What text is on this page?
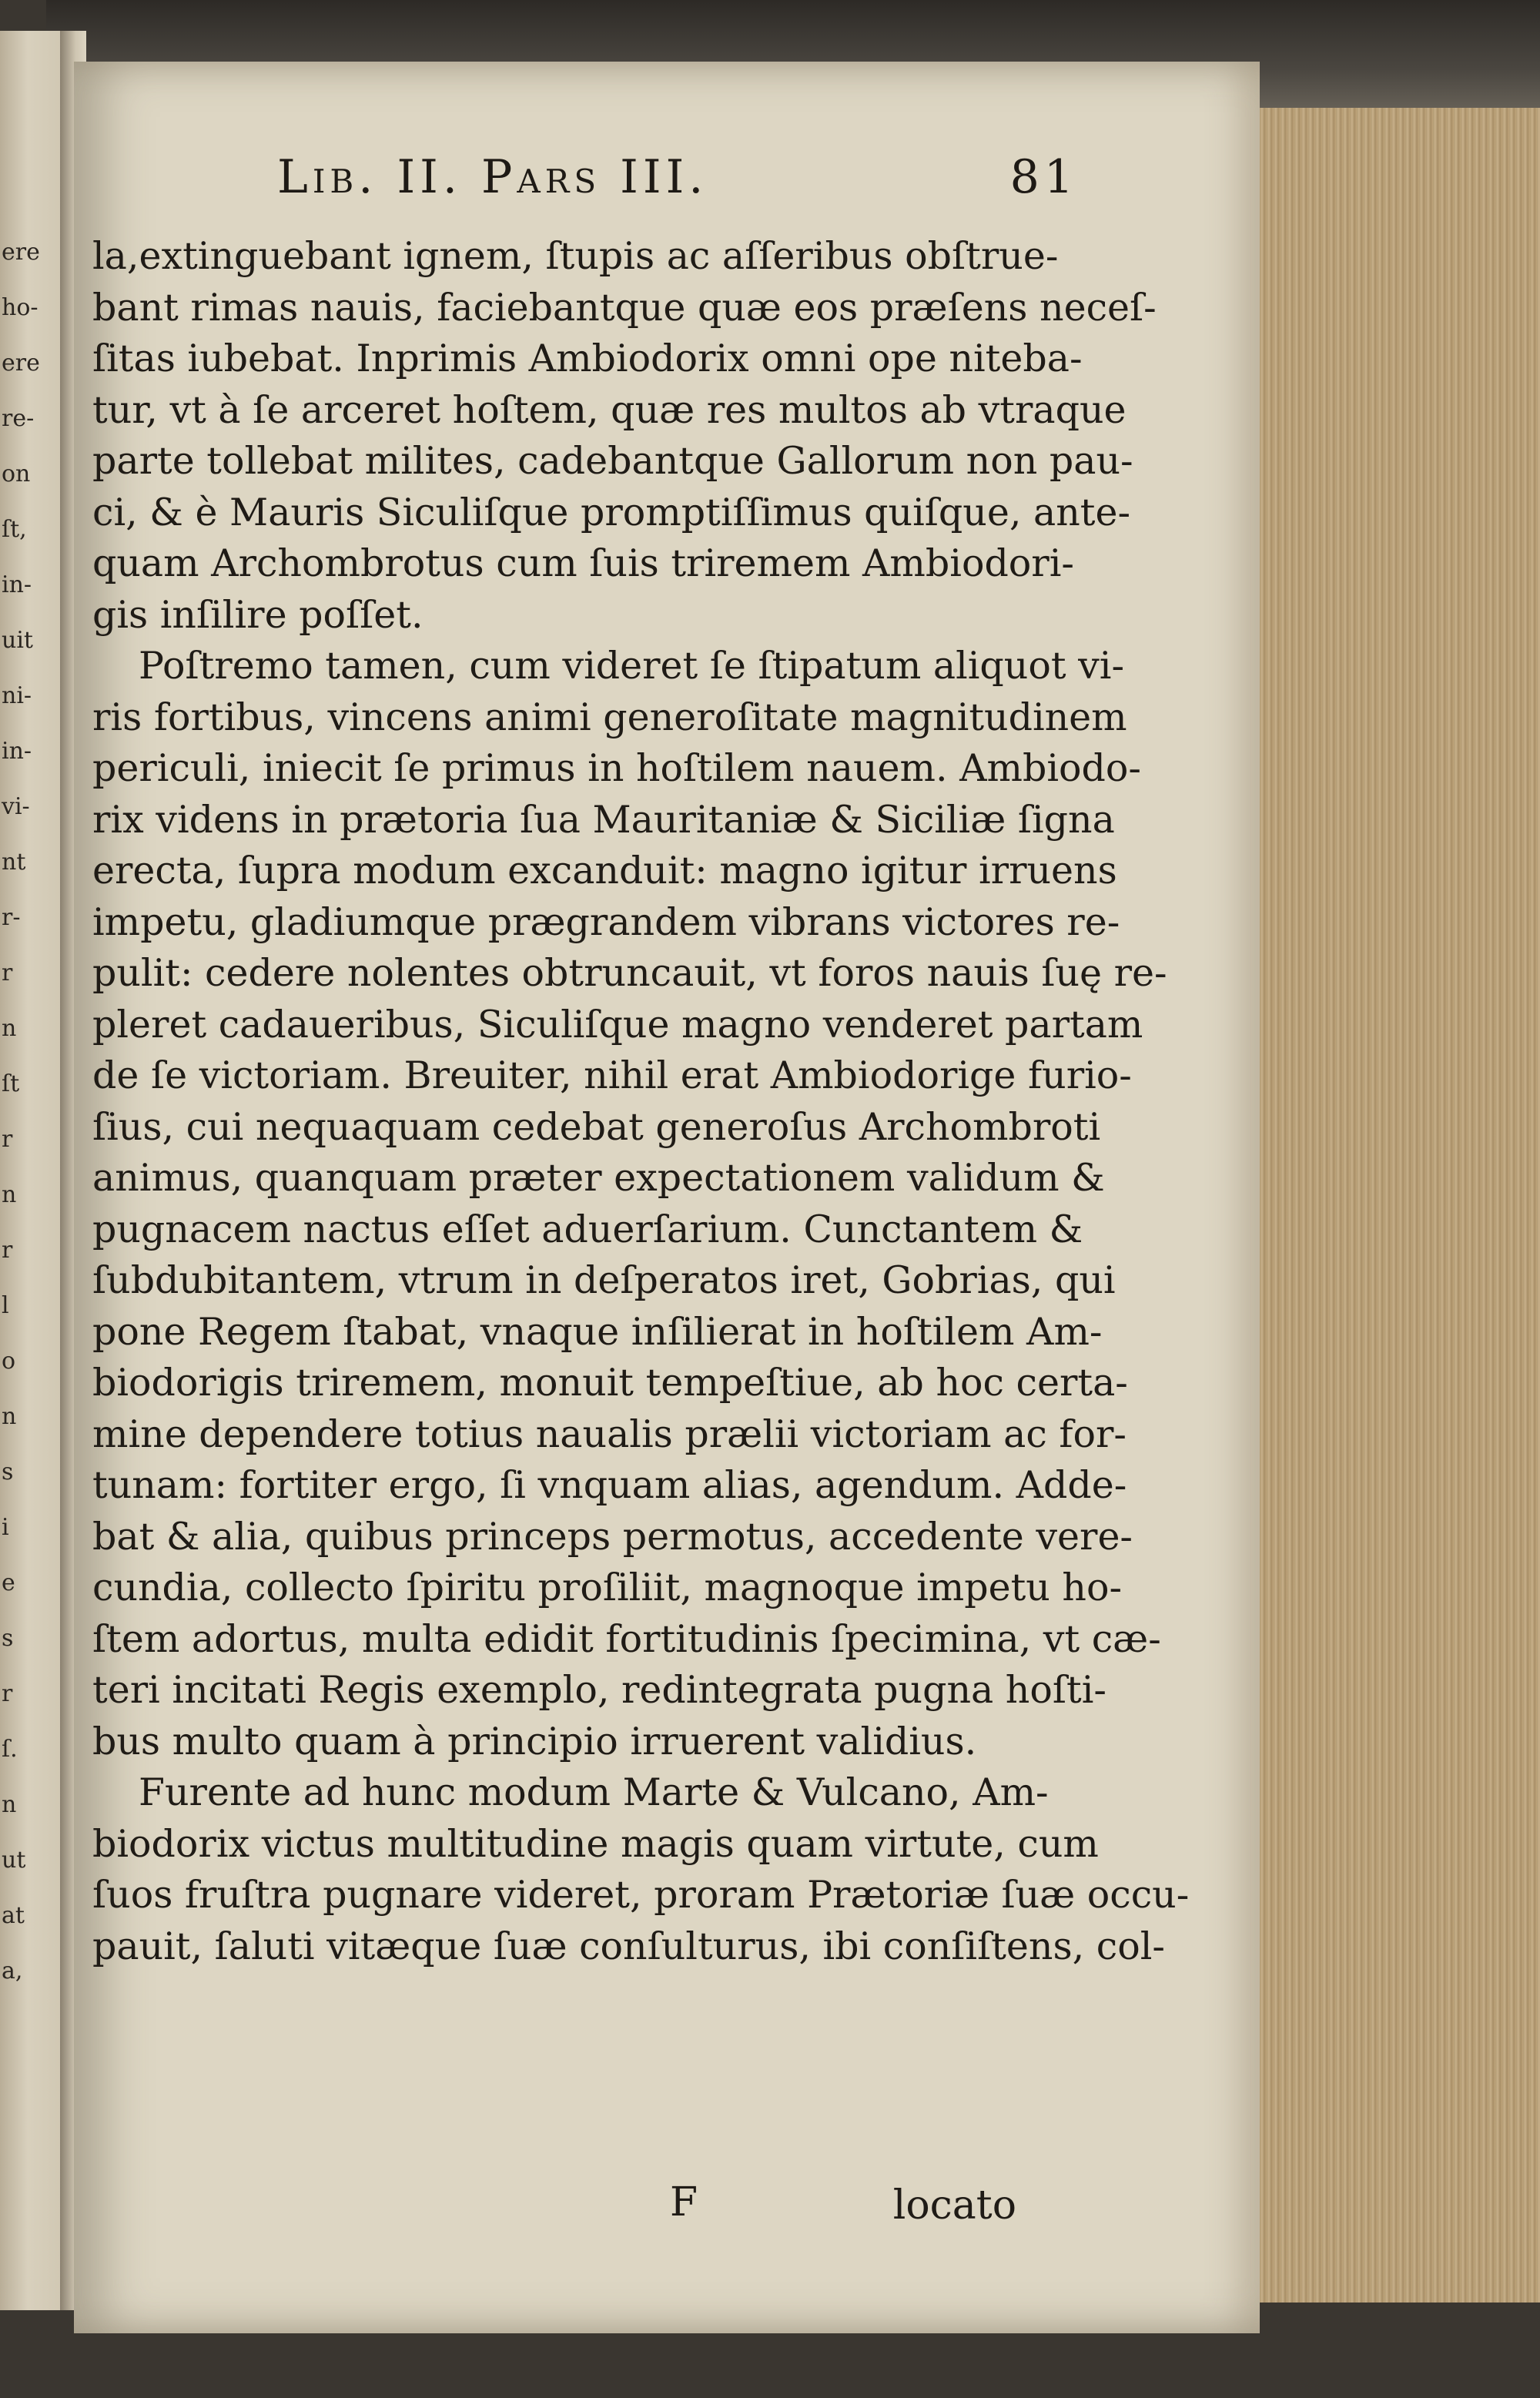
ere
ho-
ere
re-
on
ſt,
in-
uit
ni-
in-
vi-
nt
r-
r
n
ſt
r
n
r
l
o
n
s
i
e
s
r
ſ.
n
ut
at
a,
Lib. II. Pars III.	81
la,extinguebant ignem, ſtupis ac aſſeribus obſtrue-
bant rimas nauis, faciebantque quæ eos præſens neceſ-
ſitas iubebat. Inprimis Ambiodorix omni ope niteba-
tur, vt à ſe arceret hoſtem, quæ res multos ab vtraque
parte tollebat milites, cadebantque Gallorum non pau-
ci, & è Mauris Siculiſque promptiſſimus quiſque, ante-
quam Archombrotus cum ſuis triremem Ambiodori-
gis inſilire poſſet.
Poſtremo tamen, cum videret ſe ſtipatum aliquot vi-
ris fortibus, vincens animi generoſitate magnitudinem
periculi, iniecit ſe primus in hoſtilem nauem. Ambiodo-
rix videns in prætoria ſua Mauritaniæ & Siciliæ ſigna
erecta, ſupra modum excanduit: magno igitur irruens
impetu, gladiumque prægrandem vibrans victores re-
pulit: cedere nolentes obtruncauit, vt foros nauis ſuę re-
pleret cadaueribus, Siculiſque magno venderet partam
de ſe victoriam. Breuiter, nihil erat Ambiodorige furio-
ſius, cui nequaquam cedebat generoſus Archombroti
animus, quanquam præter expectationem validum &
pugnacem nactus eſſet aduerſarium. Cunctantem &
ſubdubitantem, vtrum in deſperatos iret, Gobrias, qui
pone Regem ſtabat, vnaque inſilierat in hoſtilem Am-
biodorigis triremem, monuit tempeſtiue, ab hoc certa-
mine dependere totius naualis prælii victoriam ac for-
tunam: fortiter ergo, ſi vnquam alias, agendum. Adde-
bat & alia, quibus princeps permotus, accedente vere-
cundia, collecto ſpiritu proſiliit, magnoque impetu ho-
ſtem adortus, multa edidit fortitudinis ſpecimina, vt cæ-
teri incitati Regis exemplo, redintegrata pugna hoſti-
bus multo quam à principio irruerent validius.
Furente ad hunc modum Marte & Vulcano, Am-
biodorix victus multitudine magis quam virtute, cum
ſuos fruſtra pugnare videret, proram Prætoriæ ſuæ occu-
pauit, ſaluti vitæque ſuæ conſulturus, ibi conſiſtens, col-
F	locato
